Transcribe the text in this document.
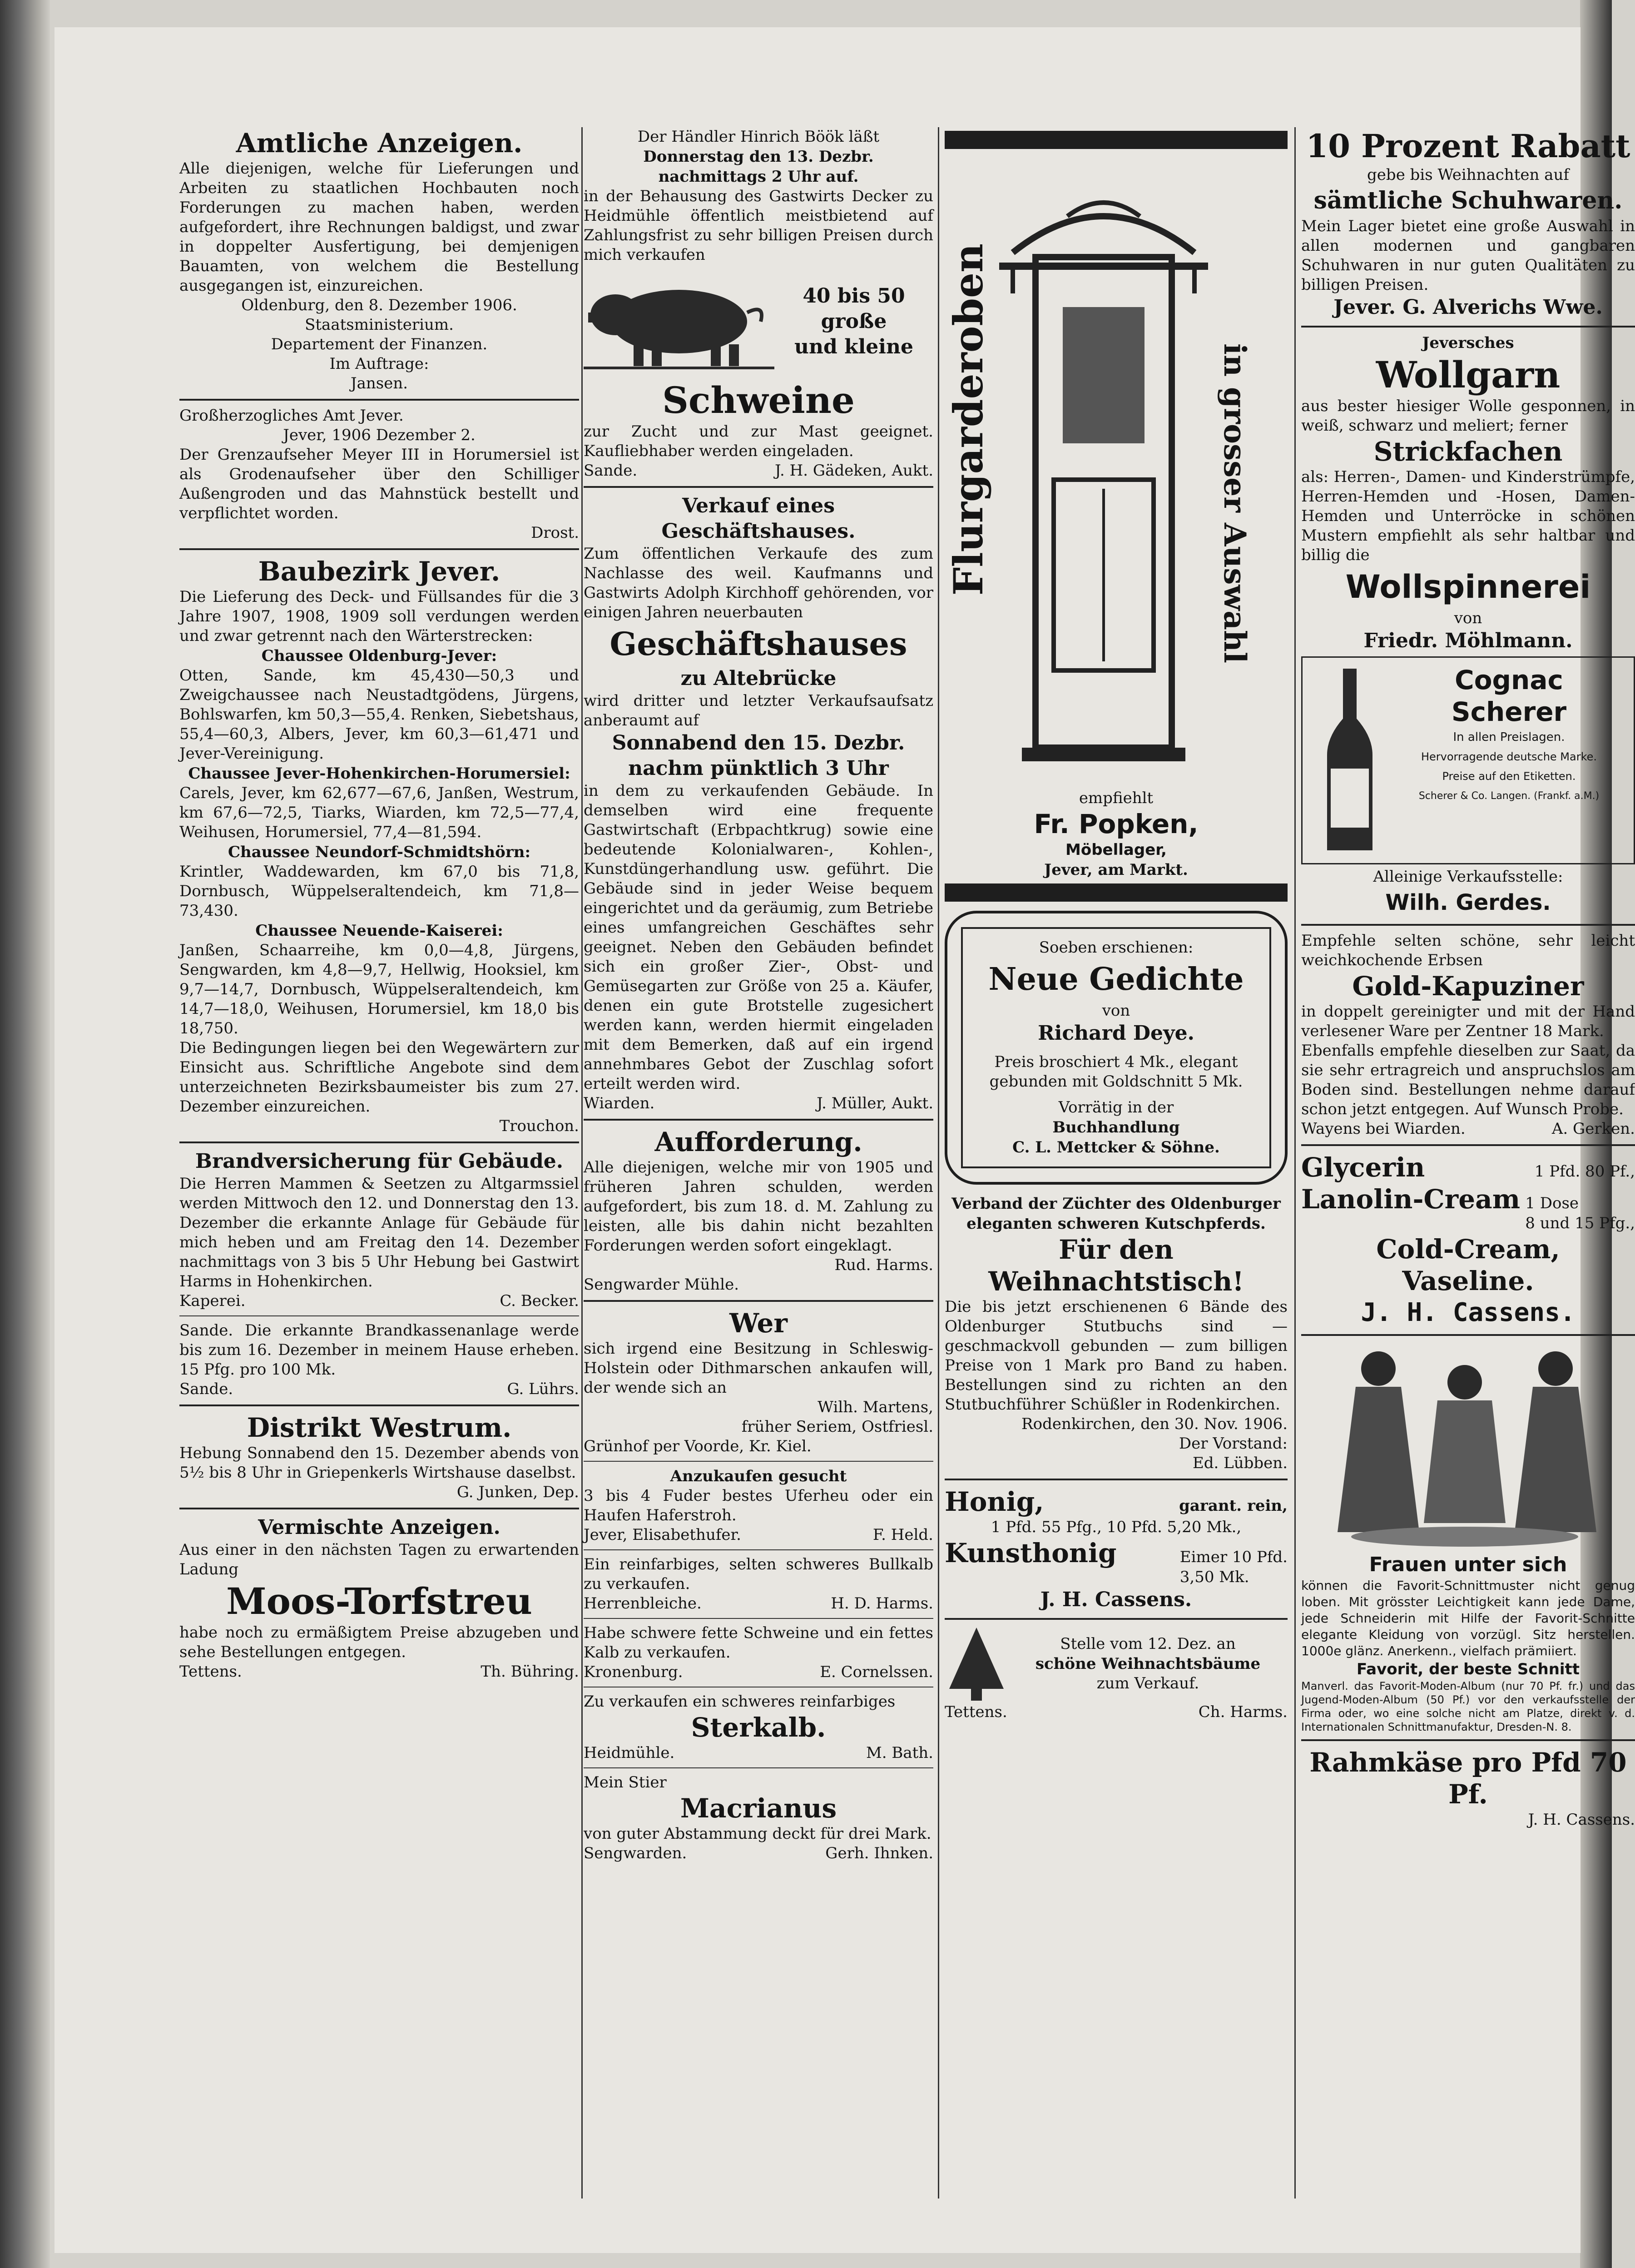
Amtliche Anzeigen.

Alle diejenigen, welche für Lieferungen und Arbeiten zu staatlichen Hochbauten noch Forderungen zu machen haben, werden aufgefordert, ihre Rechnungen baldigst, und zwar in doppelter Ausfertigung, bei demjenigen Bauamten, von welchem die Bestellung ausgegangen ist, einzureichen.

Oldenburg, den 8. Dezember 1906.

Staatsministerium.

Departement der Finanzen.

Im Auftrage:

Jansen.

Großherzogliches Amt Jever.

Jever, 1906 Dezember 2.

Der Grenzaufseher Meyer III in Horumersiel ist als Grodenaufseher über den Schilliger Außengroden und das Mahnstück bestellt und verpflichtet worden.

Drost.

Baubezirk Jever.

Die Lieferung des Deck- und Füllsandes für die 3 Jahre 1907, 1908, 1909 soll verdungen werden und zwar getrennt nach den Wärterstrecken:

Chaussee Oldenburg-Jever:

Otten, Sande, km 45,430—50,3 und Zweigchaussee nach Neustadtgödens, Jürgens, Bohlswarfen, km 50,3—55,4. Renken, Siebetshaus, 55,4—60,3, Albers, Jever, km 60,3—61,471 und Jever-Vereinigung.

Chaussee Jever-Hohenkirchen-Horumersiel:

Carels, Jever, km 62,677—67,6, Janßen, Westrum, km 67,6—72,5, Tiarks, Wiarden, km 72,5—77,4, Weihusen, Horumersiel, 77,4—81,594.

Chaussee Neundorf-Schmidtshörn:

Krintler, Waddewarden, km 67,0 bis 71,8, Dornbusch, Wüppelseraltendeich, km 71,8—73,430.

Chaussee Neuende-Kaiserei:

Janßen, Schaarreihe, km 0,0—4,8, Jürgens, Sengwarden, km 4,8—9,7, Hellwig, Hooksiel, km 9,7—14,7, Dornbusch, Wüppelseraltendeich, km 14,7—18,0, Weihusen, Horumersiel, km 18,0 bis 18,750.

Die Bedingungen liegen bei den Wegewärtern zur Einsicht aus. Schriftliche Angebote sind dem unterzeichneten Bezirksbaumeister bis zum 27. Dezember einzureichen.

Trouchon.

Brandversicherung für Gebäude.

Die Herren Mammen & Seetzen zu Altgarmssiel werden Mittwoch den 12. und Donnerstag den 13. Dezember die erkannte Anlage für Gebäude für mich heben und am Freitag den 14. Dezember nachmittags von 3 bis 5 Uhr Hebung bei Gastwirt Harms in Hohenkirchen.

Kaperei.	C. Becker.

Sande. Die erkannte Brandkassenanlage werde bis zum 16. Dezember in meinem Hause erheben. 15 Pfg. pro 100 Mk.

Sande.	G. Lührs.

Distrikt Westrum.

Hebung Sonnabend den 15. Dezember abends von 5½ bis 8 Uhr in Griepenkerls Wirtshause daselbst.

G. Junken, Dep.

Vermischte Anzeigen.

Aus einer in den nächsten Tagen zu erwartenden Ladung

Moos-Torfstreu

habe noch zu ermäßigtem Preise abzugeben und sehe Bestellungen entgegen.

Tettens.	Th. Bühring.

Der Händler Hinrich Böök läßt

Donnerstag den 13. Dezbr.

nachmittags 2 Uhr auf.

in der Behausung des Gastwirts Decker zu Heidmühle öffentlich meistbietend auf Zahlungsfrist zu sehr billigen Preisen durch mich verkaufen

40 bis 50

große

und kleine

Schweine

zur Zucht und zur Mast geeignet. Kaufliebhaber werden eingeladen.

Sande.	J. H. Gädeken, Aukt.

Verkauf eines Geschäftshauses.

Zum öffentlichen Verkaufe des zum Nachlasse des weil. Kaufmanns und Gastwirts Adolph Kirchhoff gehörenden, vor einigen Jahren neuerbauten

Geschäftshauses

zu Altebrücke

wird dritter und letzter Verkaufsaufsatz anberaumt auf

Sonnabend den 15. Dezbr.

nachm pünktlich 3 Uhr

in dem zu verkaufenden Gebäude. In demselben wird eine frequente Gastwirtschaft (Erbpachtkrug) sowie eine bedeutende Kolonialwaren-, Kohlen-, Kunstdüngerhandlung usw. geführt. Die Gebäude sind in jeder Weise bequem eingerichtet und da geräumig, zum Betriebe eines umfangreichen Geschäftes sehr geeignet. Neben den Gebäuden befindet sich ein großer Zier-, Obst- und Gemüsegarten zur Größe von 25 a. Käufer, denen ein gute Brotstelle zugesichert werden kann, werden hiermit eingeladen mit dem Bemerken, daß auf ein irgend annehmbares Gebot der Zuschlag sofort erteilt werden wird.

Wiarden.	J. Müller, Aukt.

Aufforderung.

Alle diejenigen, welche mir von 1905 und früheren Jahren schulden, werden aufgefordert, bis zum 18. d. M. Zahlung zu leisten, alle bis dahin nicht bezahlten Forderungen werden sofort eingeklagt.

Rud. Harms.

Sengwarder Mühle.

Wer

sich irgend eine Besitzung in Schleswig-Holstein oder Dithmarschen ankaufen will, der wende sich an

Wilh. Martens,

früher Seriem, Ostfriesl.

Grünhof per Voorde, Kr. Kiel.

Anzukaufen gesucht

3 bis 4 Fuder bestes Uferheu oder ein Haufen Haferstroh.

Jever, Elisabethufer.	F. Held.

Ein reinfarbiges, selten schweres Bullkalb zu verkaufen.

Herrenbleiche.	H. D. Harms.

Habe schwere fette Schweine und ein fettes Kalb zu verkaufen.

Kronenburg.	E. Cornelssen.

Zu verkaufen ein schweres reinfarbiges

Sterkalb.

Heidmühle.	M. Bath.

Mein Stier

Macrianus

von guter Abstammung deckt für drei Mark.

Sengwarden.	Gerh. Ihnken.
Flurgarderoben	in grosser Auswahl

empfiehlt

Fr. Popken,

Möbellager,

Jever, am Markt.

Soeben erschienen:

Neue Gedichte

von

Richard Deye.

Preis broschiert 4 Mk., elegant gebunden mit Goldschnitt 5 Mk.

Vorrätig in der

Buchhandlung

C. L. Mettcker & Söhne.

Verband der Züchter des Oldenburger

eleganten schweren Kutschpferds.

Für den Weihnachtstisch!

Die bis jetzt erschienenen 6 Bände des Oldenburger Stutbuchs sind — geschmackvoll gebunden — zum billigen Preise von 1 Mark pro Band zu haben. Bestellungen sind zu richten an den Stutbuchführer Schüßler in Rodenkirchen.

Rodenkirchen, den 30. Nov. 1906.

Der Vorstand:

Ed. Lübben.

Honig,	garant. rein,

1 Pfd. 55 Pfg., 10 Pfd. 5,20 Mk.,

Kunsthonig	Eimer 10 Pfd.
3,50 Mk.

J. H. Cassens.

Stelle vom 12. Dez. an

schöne Weihnachtsbäume

zum Verkauf.

Tettens.	Ch. Harms.

10 Prozent Rabatt

gebe bis Weihnachten auf

sämtliche Schuhwaren.

Mein Lager bietet eine große Auswahl in allen modernen und gangbaren Schuhwaren in nur guten Qualitäten zu billigen Preisen.

Jever. G. Alverichs Wwe.

Jeversches

Wollgarn

aus bester hiesiger Wolle gesponnen, in weiß, schwarz und meliert; ferner

Strickfachen

als: Herren-, Damen- und Kinderstrümpfe, Herren-Hemden und -Hosen, Damen-Hemden und Unterröcke in schönen Mustern empfiehlt als sehr haltbar und billig die

Wollspinnerei

von

Friedr. Möhlmann.

Cognac

Scherer

In allen Preislagen.

Hervorragende deutsche Marke.

Preise auf den Etiketten.

Scherer & Co. Langen. (Frankf. a.M.)

Alleinige Verkaufsstelle:

Wilh. Gerdes.

Empfehle selten schöne, sehr leicht weichkochende Erbsen

Gold-Kapuziner

in doppelt gereinigter und mit der Hand verlesener Ware per Zentner 18 Mark.

Ebenfalls empfehle dieselben zur Saat, da sie sehr ertragreich und anspruchslos am Boden sind. Bestellungen nehme darauf schon jetzt entgegen. Auf Wunsch Probe.

Wayens bei Wiarden.	A. Gerken.
Glycerin	1 Pfd. 80 Pf.,
Lanolin-Cream 1 Dose
8 und 15 Pfg.,

Cold-Cream,

Vaseline.

J. H. Cassens.

Frauen unter sich

können die Favorit-Schnittmuster nicht genug loben. Mit grösster Leichtigkeit kann jede Dame, jede Schneiderin mit Hilfe der Favorit-Schnitte elegante Kleidung von vorzügl. Sitz herstellen. 1000e glänz. Anerkenn., vielfach prämiiert.

Favorit, der beste Schnitt

Manverl. das Favorit-Moden-Album (nur 70 Pf. fr.) und das Jugend-Moden-Album (50 Pf.) vor den verkaufsstelle der Firma oder, wo eine solche nicht am Platze, direkt v. d. Internationalen Schnittmanufaktur, Dresden-N. 8.

Rahmkäse pro Pfd 70 Pf.

J. H. Cassens.
